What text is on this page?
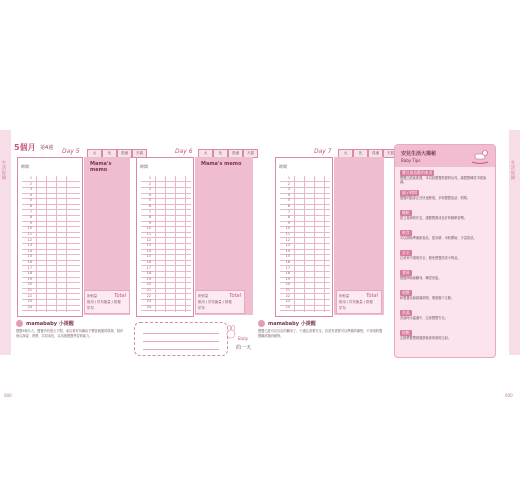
5個月 第4週 Day 5
時間
1
2
3
4
5
6
7
8
9
10
11
12
13
14
15
16
17
18
19
20
21
22
23
24
大	比	洗澡	天氣
Mama's memo
奶粉量
飲用 / 尿布換量 / 排便
尿布
Total
Day 6
時間
1
2
3
4
5
6
7
8
9
10
11
12
13
14
15
16
17
18
19
20
21
22
23
24
大	比	洗澡	天氣
Mama's memo
奶粉量
飲用 / 尿布換量 / 排便
尿布
Total
mamababy 小提醒
寶寶5個月大，寶寶仍有很大下限，而以要有持續給予豐富刺激的環境，陪伴他以探索、遊戲、共同成長，以培養寶寶學習的能力。	Baby
的一天
Day 7
時間
1
2
3
4
5
6
7
8
9
10
11
12
13
14
15
16
17
18
19
20
21
22
23
24
大	比	洗澡	天氣
奶粉量
飲用 / 尿布換量 / 排便
尿布
Total
mamababy 小提醒
寶寶已經可以自由的翻身了，不過注意要安全，若是有需要可以準備防撞墊，不再預防寶寶翻滾撞到硬物。
安兒生活大揭秘
Baby Tips
寶貝最喜歡的東西
寶寶已經能抓握，可以給寶寶抓握的玩具，讓寶寶練習手眼協調。
親子時間
寶寶的腦部正在快速發展，多與寶寶說話、唱歌。
睡眠
建立規律的作息，讓寶寶養成良好的睡眠習慣。
飲食
可以開始準備副食品，從米精、米粉開始，少量嘗試。
安全
注意家中環境安全，避免寶寶誤食小物品。
發展
寶寶開始會翻身，練習坐姿。
遊戲
和寶寶玩躲貓貓遊戲，增進親子互動。
洗澡
洗澡時水溫適中，注意寶寶安全。
提醒
定期帶寶寶做健康檢查與預防注射。
生活紀錄
生活紀錄
000	000
